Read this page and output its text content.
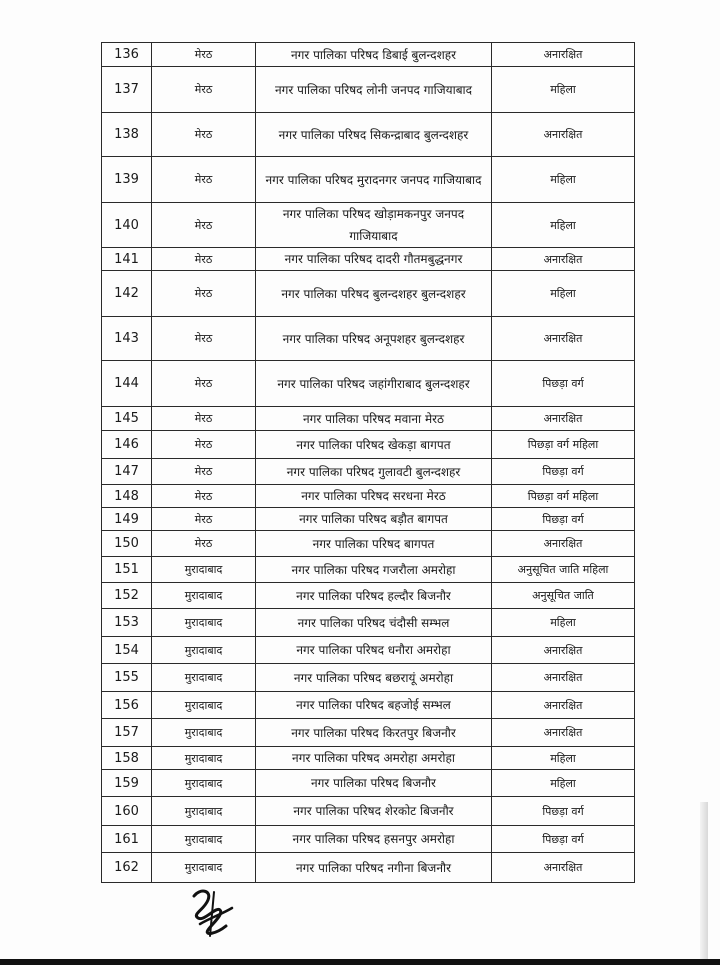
136	मेरठ	नगर पालिका परिषद डिबाई बुलन्दशहर	अनारक्षित
137	मेरठ	नगर पालिका परिषद लोनी जनपद गाजियाबाद	महिला
138	मेरठ	नगर पालिका परिषद सिकन्द्राबाद बुलन्दशहर	अनारक्षित
139	मेरठ	नगर पालिका परिषद मुरादनगर जनपद गाजियाबाद	महिला
140	मेरठ	नगर पालिका परिषद खोड़ामकनपुर जनपद गाजियाबाद	महिला
141	मेरठ	नगर पालिका परिषद दादरी गौतमबुद्धनगर	अनारक्षित
142	मेरठ	नगर पालिका परिषद बुलन्दशहर बुलन्दशहर	महिला
143	मेरठ	नगर पालिका परिषद अनूपशहर बुलन्दशहर	अनारक्षित
144	मेरठ	नगर पालिका परिषद जहांगीराबाद बुलन्दशहर	पिछड़ा वर्ग
145	मेरठ	नगर पालिका परिषद मवाना मेरठ	अनारक्षित
146	मेरठ	नगर पालिका परिषद खेकड़ा बागपत	पिछड़ा वर्ग महिला
147	मेरठ	नगर पालिका परिषद गुलावटी बुलन्दशहर	पिछड़ा वर्ग
148	मेरठ	नगर पालिका परिषद सरधना मेरठ	पिछड़ा वर्ग महिला
149	मेरठ	नगर पालिका परिषद बड़ौत बागपत	पिछड़ा वर्ग
150	मेरठ	नगर पालिका परिषद बागपत	अनारक्षित
151	मुरादाबाद	नगर पालिका परिषद गजरौला अमरोहा	अनुसूचित जाति महिला
152	मुरादाबाद	नगर पालिका परिषद हल्दौर बिजनौर	अनुसूचित जाति
153	मुरादाबाद	नगर पालिका परिषद चंदौसी सम्भल	महिला
154	मुरादाबाद	नगर पालिका परिषद धनौरा अमरोहा	अनारक्षित
155	मुरादाबाद	नगर पालिका परिषद बछरायूं अमरोहा	अनारक्षित
156	मुरादाबाद	नगर पालिका परिषद बहजोई सम्भल	अनारक्षित
157	मुरादाबाद	नगर पालिका परिषद किरतपुर बिजनौर	अनारक्षित
158	मुरादाबाद	नगर पालिका परिषद अमरोहा अमरोहा	महिला
159	मुरादाबाद	नगर पालिका परिषद बिजनौर	महिला
160	मुरादाबाद	नगर पालिका परिषद शेरकोट बिजनौर	पिछड़ा वर्ग
161	मुरादाबाद	नगर पालिका परिषद हसनपुर अमरोहा	पिछड़ा वर्ग
162	मुरादाबाद	नगर पालिका परिषद नगीना बिजनौर	अनारक्षित
